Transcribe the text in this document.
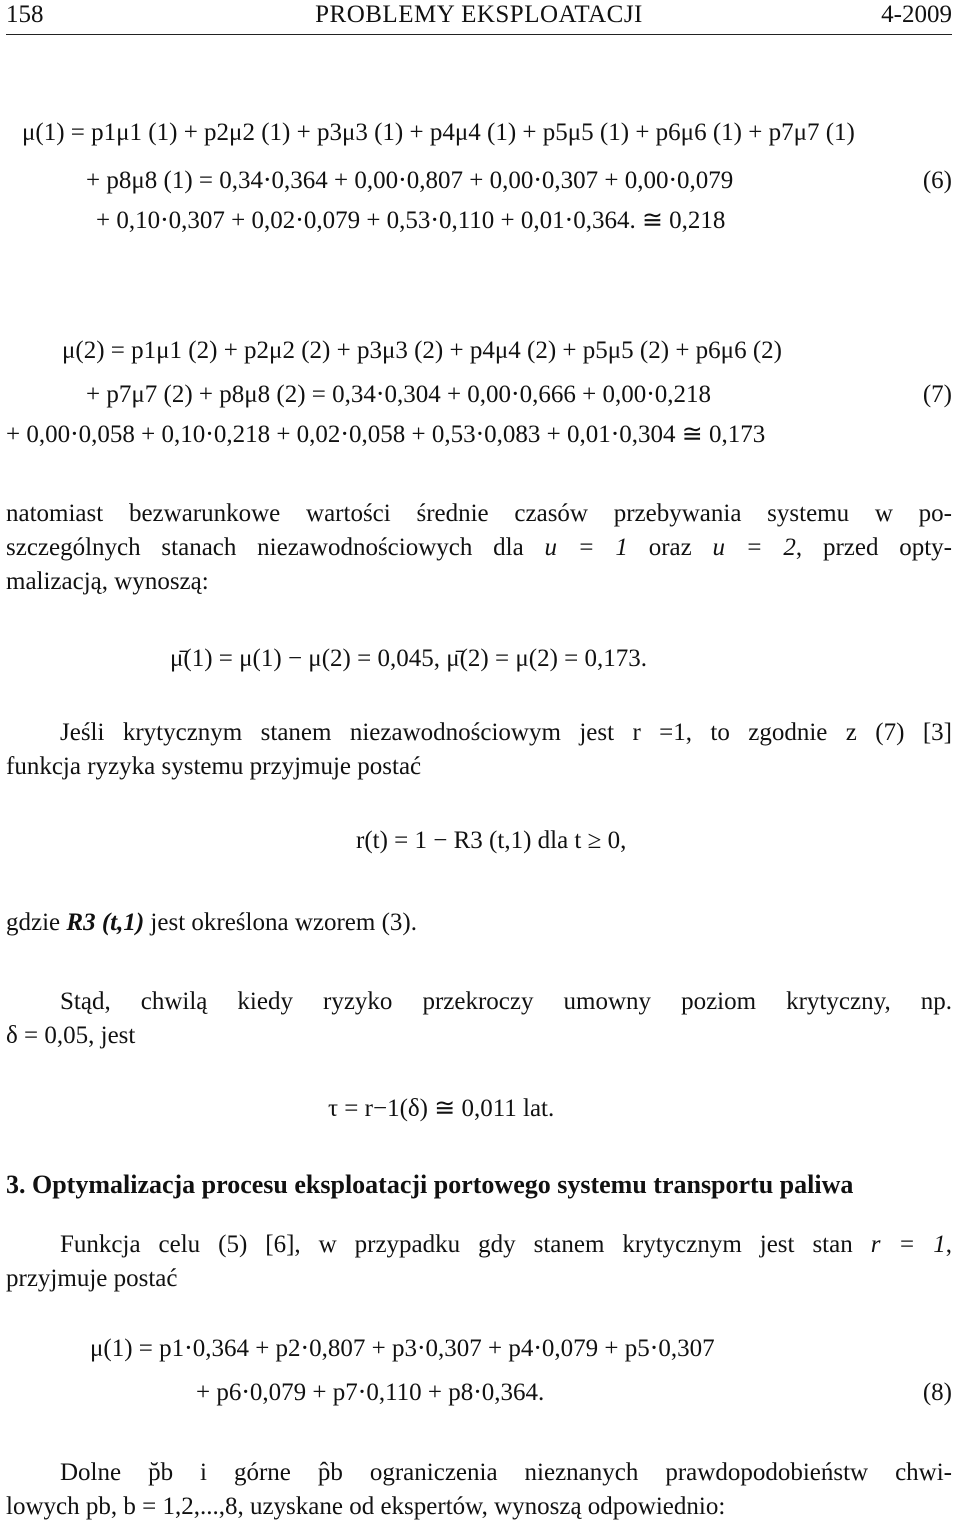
158	PROBLEMY EKSPLOATACJI	4-2009
μ(1) = p1μ1 (1) + p2μ2 (1) + p3μ3 (1) + p4μ4 (1) + p5μ5 (1) + p6μ6 (1) + p7μ7 (1)
+ p8μ8 (1) = 0,34⋅0,364 + 0,00⋅0,807 + 0,00⋅0,307 + 0,00⋅0,079	(6)
+ 0,10⋅0,307 + 0,02⋅0,079 + 0,53⋅0,110 + 0,01⋅0,364. ≅ 0,218
μ(2) = p1μ1 (2) + p2μ2 (2) + p3μ3 (2) + p4μ4 (2) + p5μ5 (2) + p6μ6 (2)
+ p7μ7 (2) + p8μ8 (2) = 0,34⋅0,304 + 0,00⋅0,666 + 0,00⋅0,218	(7)
+ 0,00⋅0,058 + 0,10⋅0,218 + 0,02⋅0,058 + 0,53⋅0,083 + 0,01⋅0,304 ≅ 0,173
natomiast bezwarunkowe wartości średnie czasów przebywania systemu w po-
szczególnych stanach niezawodnościowych dla u = 1 oraz u = 2, przed opty-
malizacją, wynoszą:
μ̄(1) = μ(1) − μ(2) = 0,045, μ̄(2) = μ(2) = 0,173.
Jeśli krytycznym stanem niezawodnościowym jest r =1, to zgodnie z (7) [3]
funkcja ryzyka systemu przyjmuje postać
r(t) = 1 − R3 (t,1) dla t ≥ 0,
gdzie R3 (t,1) jest określona wzorem (3).
Stąd, chwilą kiedy ryzyko przekroczy umowny poziom krytyczny, np.
δ = 0,05, jest
τ = r−1(δ) ≅ 0,011 lat.
3. Optymalizacja procesu eksploatacji portowego systemu transportu paliwa
Funkcja celu (5) [6], w przypadku gdy stanem krytycznym jest stan r = 1,
przyjmuje postać
μ(1) = p1⋅0,364 + p2⋅0,807 + p3⋅0,307 + p4⋅0,079 + p5⋅0,307
+ p6⋅0,079 + p7⋅0,110 + p8⋅0,364.	(8)
Dolne p̆b i górne p̂b ograniczenia nieznanych prawdopodobieństw chwi-
lowych pb, b = 1,2,...,8, uzyskane od ekspertów, wynoszą odpowiednio:
